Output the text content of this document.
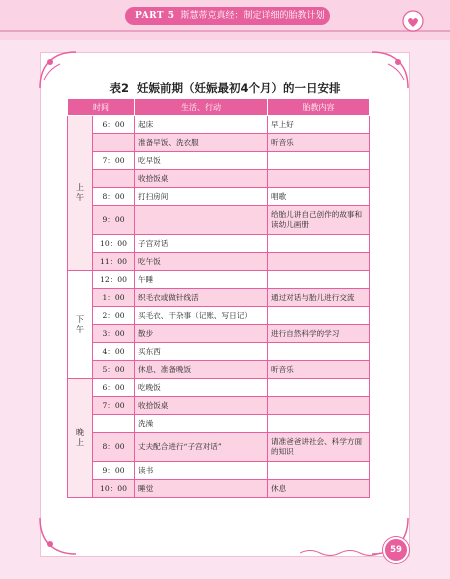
PART 5 斯慧蒂克真经：制定详细的胎教计划
表2 妊娠前期（妊娠最初4个月）的一日安排
时间		生活、行动	胎教内容
上
午	6：00	起床	早上好
		准备早饭、洗衣服	听音乐
	7：00	吃早饭	
		收拾饭桌	
	8：00	打扫房间	唱歌
	9：00		给胎儿讲自己创作的故事和读幼儿画册
	10：00	子宫对话	
	11：00	吃午饭	
下
午	12：00	午睡	
	1：00	织毛衣或做针线活	通过对话与胎儿进行交流
	2：00	买毛衣、干杂事（记账、写日记）	
	3：00	散步	进行自然科学的学习
	4：00	买东西	
	5：00	休息、准备晚饭	听音乐
晚
上	6：00	吃晚饭	
	7：00	收拾饭桌	
		洗澡	
	8：00	丈夫配合进行“子宫对话”	请准爸爸讲社会、科学方面的知识
	9：00	读书	
	10：00	睡觉	休息
59
